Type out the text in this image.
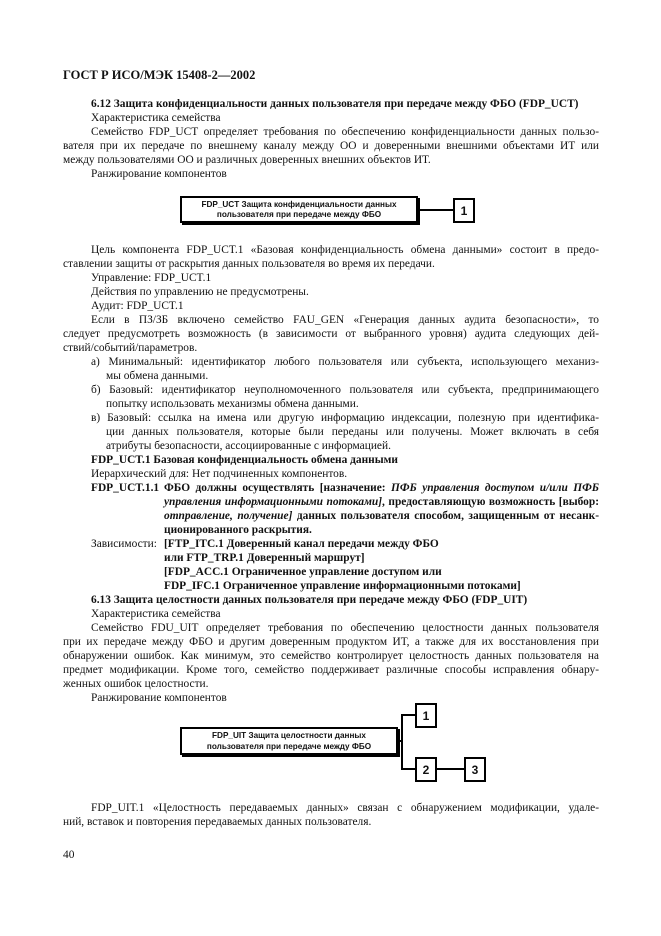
ГОСТ Р ИСО/МЭК 15408-2—2002
6.12 Защита конфиденциальности данных пользователя при передаче между ФБО (FDP_UCT)
Характеристика семейства
Семейство FDP_UCT определяет требования по обеспечению конфиденциальности данных пользо-
вателя при их передаче по внешнему каналу между ОО и доверенными внешними объектами ИТ или
между пользователями ОО и различных доверенных внешних объектов ИТ.
Ранжирование компонентов
FDP_UCT Защита конфиденциальности данных
пользователя при передаче между ФБО	1
Цель компонента FDP_UCT.1 «Базовая конфиденциальность обмена данными» состоит в предо-
ставлении защиты от раскрытия данных пользователя во время их передачи.
Управление: FDP_UCT.1
Действия по управлению не предусмотрены.
Аудит: FDP_UCT.1
Если в ПЗ/ЗБ включено семейство FAU_GEN «Генерация данных аудита безопасности», то
следует предусмотреть возможность (в зависимости от выбранного уровня) аудита следующих дей-
ствий/событий/параметров.
а) Минимальный: идентификатор любого пользователя или субъекта, использующего механиз-
мы обмена данными.
б) Базовый: идентификатор неуполномоченного пользователя или субъекта, предпринимающего
попытку использовать механизмы обмена данными.
в) Базовый: ссылка на имена или другую информацию индексации, полезную при идентифика-
ции данных пользователя, которые были переданы или получены. Может включать в себя
атрибуты безопасности, ассоциированные с информацией.
FDP_UCT.1 Базовая конфиденциальность обмена данными
Иерархический для: Нет подчиненных компонентов.
FDP_UCT.1.1 ФБО должны осуществлять [назначение: ПФБ управления доступом и/или ПФБ
управления информационными потоками], предоставляющую возможность [выбор:
отправление, получение] данных пользователя способом, защищенным от несанк-
ционированного раскрытия.
Зависимости: [FTP_ITC.1 Доверенный канал передачи между ФБО
или FTP_TRP.1 Доверенный маршрут]
[FDP_ACC.1 Ограниченное управление доступом или
FDP_IFC.1 Ограниченное управление информационными потоками]
6.13 Защита целостности данных пользователя при передаче между ФБО (FDP_UIT)
Характеристика семейства
Семейство FDU_UIT определяет требования по обеспечению целостности данных пользователя
при их передаче между ФБО и другим доверенным продуктом ИТ, а также для их восстановления при
обнаружении ошибок. Как минимум, это семейство контролирует целостность данных пользователя на
предмет модификации. Кроме того, семейство поддерживает различные способы исправления обнару-
женных ошибок целостности.
Ранжирование компонентов
FDP_UIT Защита целостности данных
пользователя при передаче между ФБО
1
2	3
FDP_UIT.1 «Целостность передаваемых данных» связан с обнаружением модификации, удале-
ний, вставок и повторения передаваемых данных пользователя.
40
